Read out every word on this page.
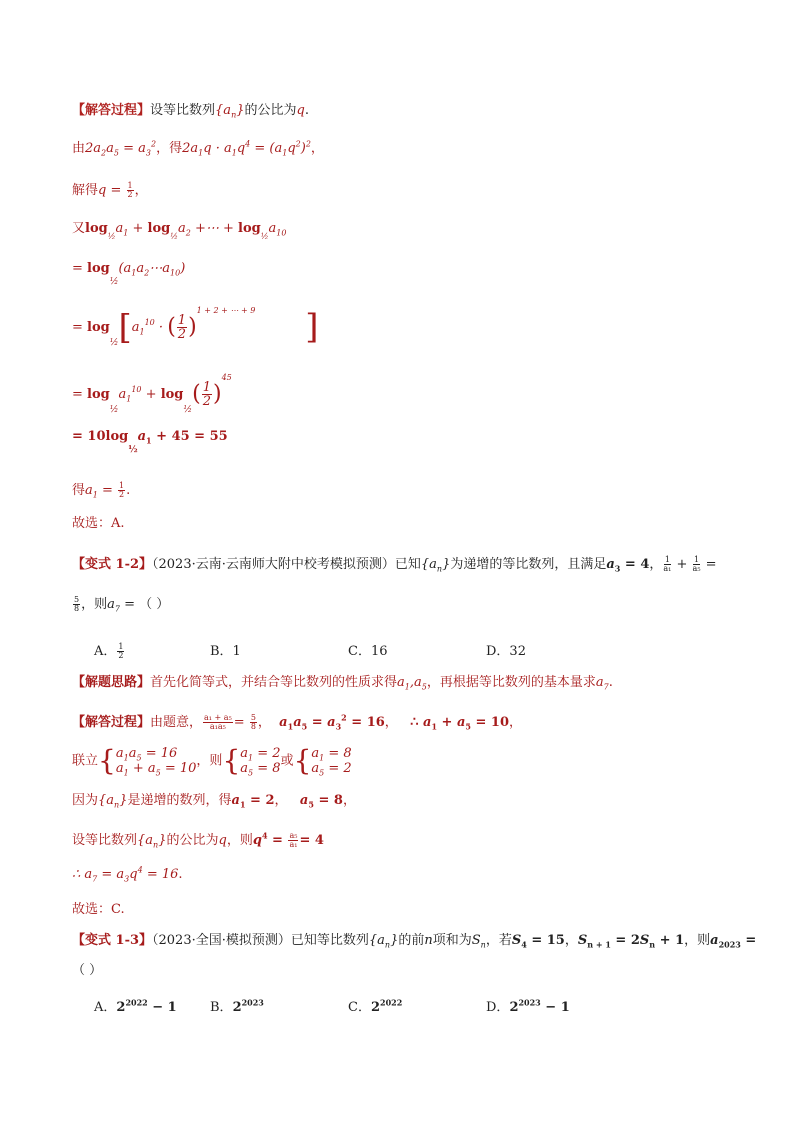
【解答过程】设等比数列$\{a_n\}$的公比为q.
由$2a_2a_5 = a_3^2$，得$2a_1q \cdot a_1q^4 = (a_1q^2)^2$，
解得$q = \frac{1}{2}$ ，
又$\log_{\frac{1}{2}}a_1 + \log_{\frac{1}{2}}a_2$ +⋯ + $\log_{\frac{1}{2}}a_{10}$
= $\log_{\frac{1}{2}}(a_1a_2\cdots a_{10})$
= $\log_{\frac{1}{2}}[a_1^{10}$ · ( $\frac{1}{2} )^{1 + 2 + \cdots + 9}$ ]
= $\log_{\frac{1}{2}}a_1^{10} + \log_{\frac{1}{2}}( \frac{1}{2} )^{45}$
= $10\log_{\frac{1}{2}}a_1 + 45 = 55$
得$a_1 = \frac{1}{2}$ .
故选：A.
【变式 1-2】（2023·云南·云南师大附中校考模拟预测）已知$\{a_n\}$为递增的等比数列，且满足$a_3 = 4$， $\frac{1}{\text{a₁}} + \frac{1}{\text{a₅}}$ =
$\frac{5}{8}$ ，则$a_7$ = （ ）
A． $\frac{1}{2}$	B．1	C．16	D．32
【解题思路】首先化简等式，并结合等比数列的性质求得$a_1,a_5$，再根据等比数列的基本量求$a_7$.
【解答过程】由题意， $\frac{\text{a₁ + a₅}}{\text{a₁a₅}} = \frac{5}{8}$ ，  $a_1a_5 = a_3^2 = 16$，   ∴ $a_1 + a_5 = 10$，
联立 { $a_1a_5 = 16$
$a_1 + a_5 = 10$ ，则 { $a_1 = 2$
$a_5 = 8$ 或 { $a_1 = 8$
$a_5 = 2$
因为$\{a_n\}$是递增的数列，得$a_1 = 2$，   $a_5 = 8$，
设等比数列$\{a_n\}$的公比为q，则$q^4 = \frac{\text{a₅}}{\text{a₁}} = 4$
∴ $a_7 = a_3q^4 = 16$.
故选：C.
【变式 1-3】（2023·全国·模拟预测）已知等比数列$\{a_n\}$的前n项和为$S_n$，若$S_4 = 15$，$S_{n + 1} = 2S_n + 1$，则$a_{2023}$ =
（ ）
A．$2^{2022} - 1$	B．$2^{2023}$	C．$2^{2022}$	D．$2^{2023} - 1$
